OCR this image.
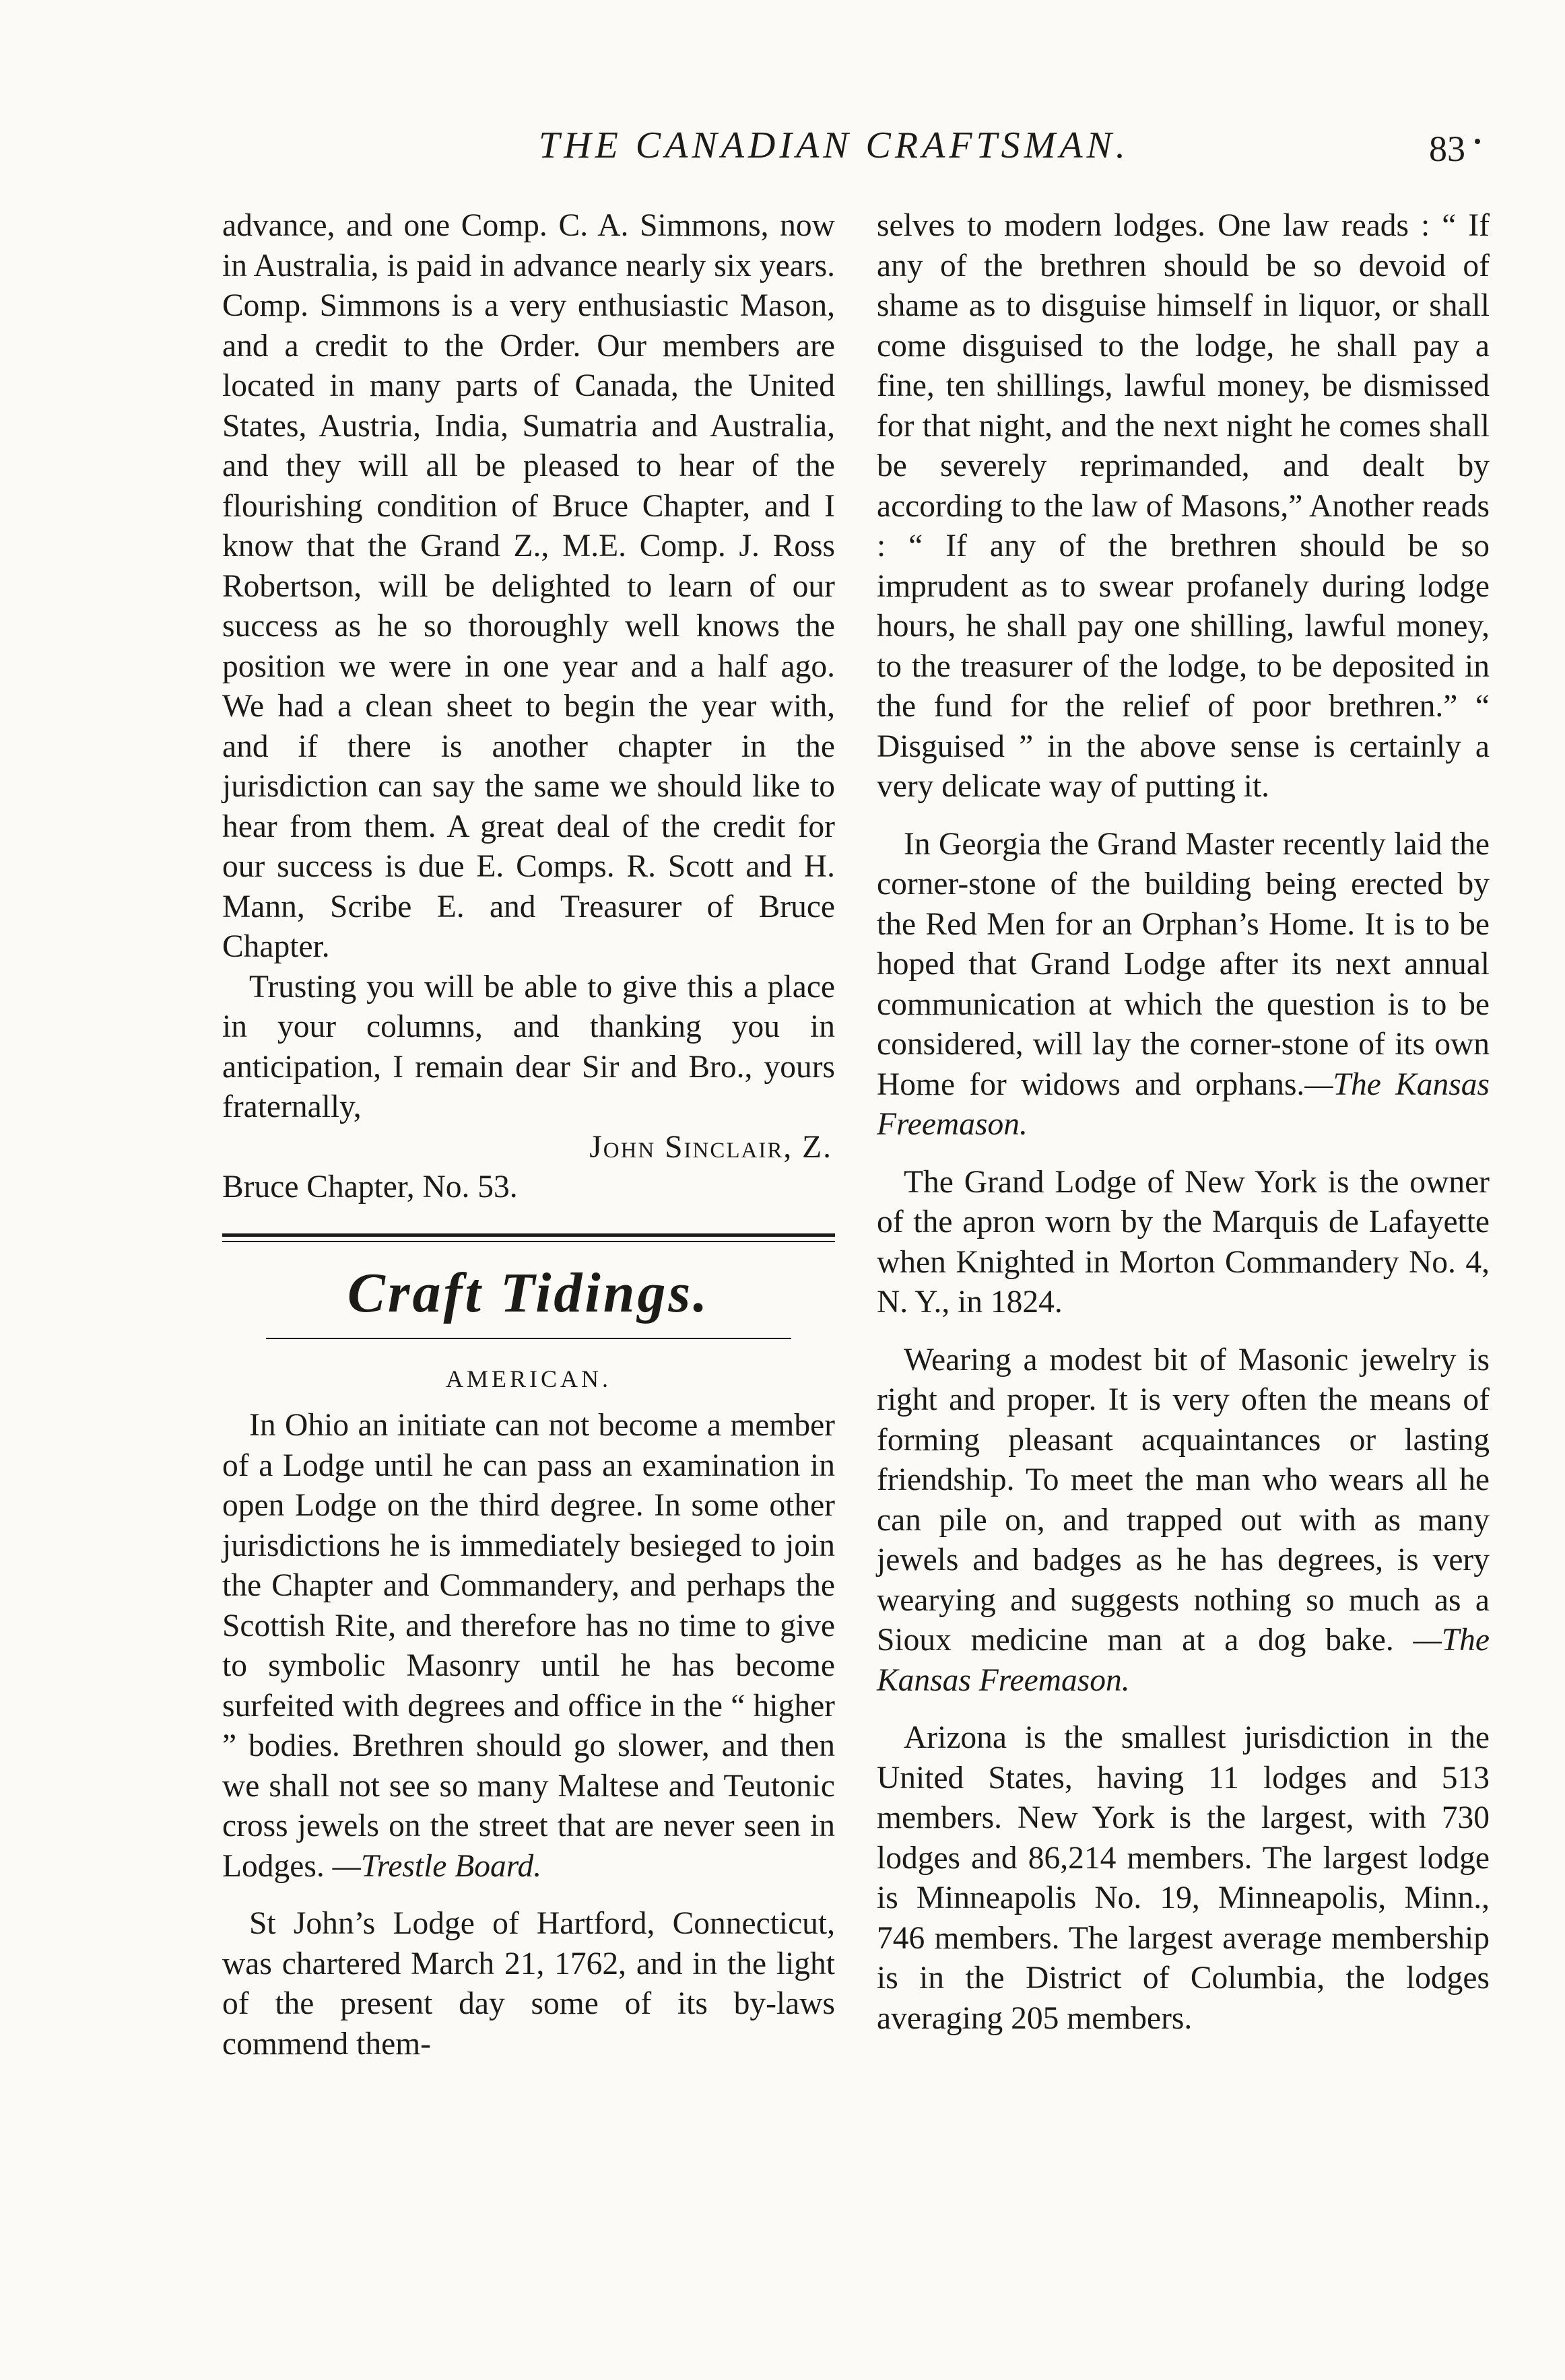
THE CANADIAN CRAFTSMAN.	83

advance, and one Comp. C. A. Simmons, now in Australia, is paid in advance nearly six years. Comp. Simmons is a very enthusiastic Mason, and a credit to the Order. Our members are located in many parts of Canada, the United States, Austria, India, Sumatria and Australia, and they will all be pleased to hear of the flourishing condition of Bruce Chapter, and I know that the Grand Z., M.E. Comp. J. Ross Robertson, will be delighted to learn of our success as he so thoroughly well knows the position we were in one year and a half ago. We had a clean sheet to begin the year with, and if there is another chapter in the jurisdiction can say the same we should like to hear from them. A great deal of the credit for our success is due E. Comps. R. Scott and H. Mann, Scribe E. and Treasurer of Bruce Chapter.

Trusting you will be able to give this a place in your columns, and thanking you in anticipation, I remain dear Sir and Bro., yours fraternally,

John Sinclair, Z.

Bruce Chapter, No. 53.

Craft Tidings.
AMERICAN.

In Ohio an initiate can not become a member of a Lodge until he can pass an examination in open Lodge on the third degree. In some other jurisdictions he is immediately besieged to join the Chapter and Commandery, and perhaps the Scottish Rite, and therefore has no time to give to symbolic Masonry until he has become surfeited with degrees and office in the “ higher ” bodies. Brethren should go slower, and then we shall not see so many Maltese and Teutonic cross jewels on the street that are never seen in Lodges. —Trestle Board.

St John’s Lodge of Hartford, Connecticut, was chartered March 21, 1762, and in the light of the present day some of its by-laws commend them-

selves to modern lodges. One law reads : “ If any of the brethren should be so devoid of shame as to disguise himself in liquor, or shall come disguised to the lodge, he shall pay a fine, ten shillings, lawful money, be dismissed for that night, and the next night he comes shall be severely reprimanded, and dealt by according to the law of Masons,” Another reads : “ If any of the brethren should be so imprudent as to swear profanely during lodge hours, he shall pay one shilling, lawful money, to the treasurer of the lodge, to be deposited in the fund for the relief of poor brethren.” “ Disguised ” in the above sense is certainly a very delicate way of putting it.

In Georgia the Grand Master recently laid the corner-stone of the building being erected by the Red Men for an Orphan’s Home. It is to be hoped that Grand Lodge after its next annual communication at which the question is to be considered, will lay the corner-stone of its own Home for widows and orphans.—The Kansas Freemason.

The Grand Lodge of New York is the owner of the apron worn by the Marquis de Lafayette when Knighted in Morton Commandery No. 4, N. Y., in 1824.

Wearing a modest bit of Masonic jewelry is right and proper. It is very often the means of forming pleasant acquaintances or lasting friendship. To meet the man who wears all he can pile on, and trapped out with as many jewels and badges as he has degrees, is very wearying and suggests nothing so much as a Sioux medicine man at a dog bake. —The Kansas Freemason.

Arizona is the smallest jurisdiction in the United States, having 11 lodges and 513 members. New York is the largest, with 730 lodges and 86,214 members. The largest lodge is Minneapolis No. 19, Minneapolis, Minn., 746 members. The largest average membership is in the District of Columbia, the lodges averaging 205 members.
